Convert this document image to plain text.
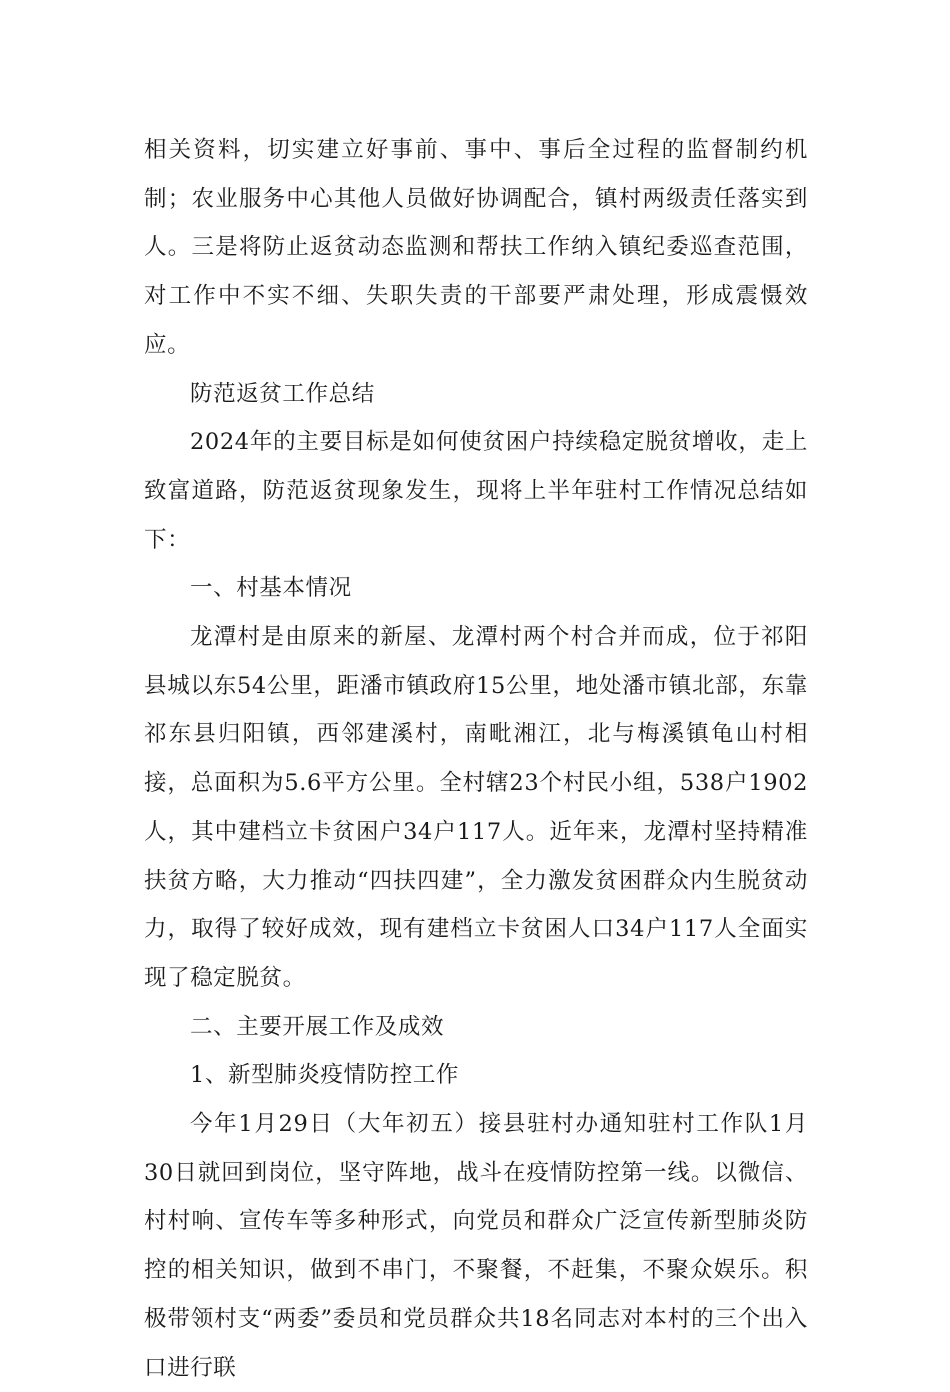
相关资料，切实建立好事前、事中、事后全过程的监督制约机制；农业服务中心其他人员做好协调配合，镇村两级责任落实到人。三是将防止返贫动态监测和帮扶工作纳入镇纪委巡查范围，对工作中不实不细、失职失责的干部要严肃处理，形成震慑效应。

防范返贫工作总结

2024年的主要目标是如何使贫困户持续稳定脱贫增收，走上致富道路，防范返贫现象发生，现将上半年驻村工作情况总结如下：

一、村基本情况

龙潭村是由原来的新屋、龙潭村两个村合并而成，位于祁阳县城以东54公里，距潘市镇政府15公里，地处潘市镇北部，东靠祁东县归阳镇，西邻建溪村，南毗湘江，北与梅溪镇龟山村相接，总面积为5.6平方公里。全村辖23个村民小组，538户1902人，其中建档立卡贫困户34户117人。近年来，龙潭村坚持精准扶贫方略，大力推动“四扶四建”，全力激发贫困群众内生脱贫动力，取得了较好成效，现有建档立卡贫困人口34户117人全面实现了稳定脱贫。

二、主要开展工作及成效

1、新型肺炎疫情防控工作

今年1月29日（大年初五）接县驻村办通知驻村工作队1月30日就回到岗位，坚守阵地，战斗在疫情防控第一线。以微信、村村响、宣传车等多种形式，向党员和群众广泛宣传新型肺炎防控的相关知识，做到不串门，不聚餐，不赶集，不聚众娱乐。积极带领村支“两委”委员和党员群众共18名同志对本村的三个出入口进行联
